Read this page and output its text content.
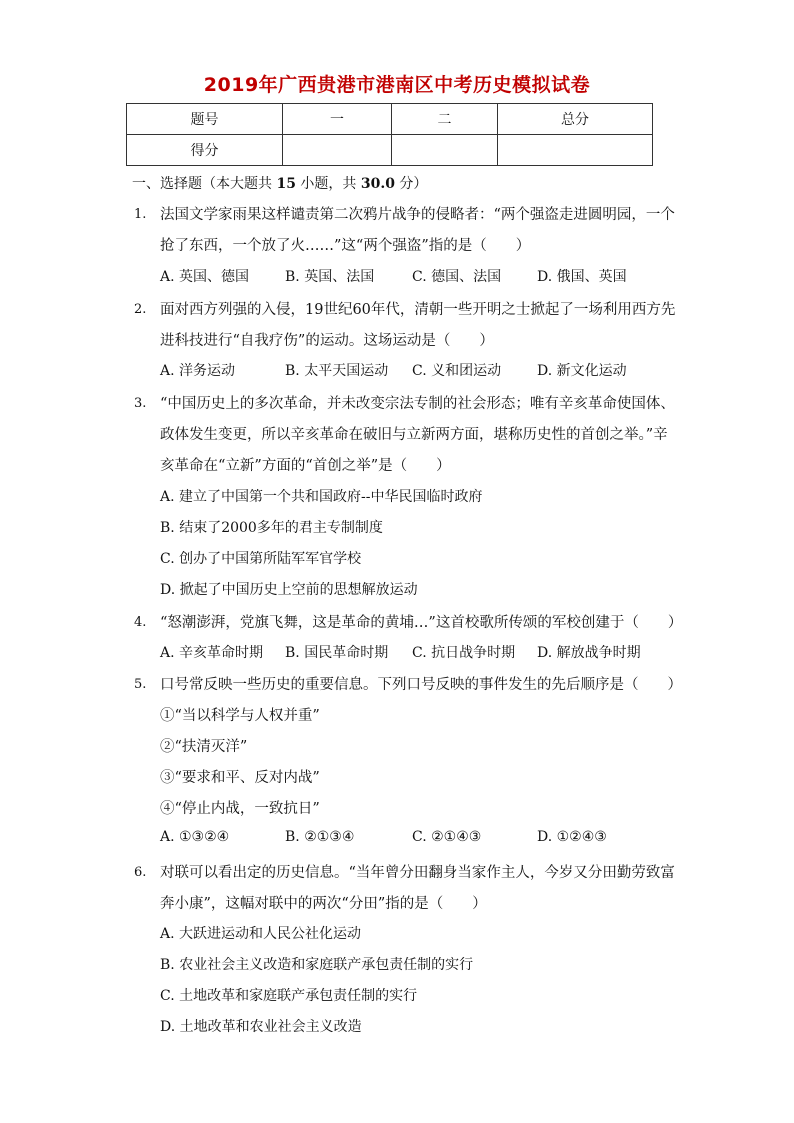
2019年广西贵港市港南区中考历史模拟试卷
题号	一	二	总分
得分			
一、选择题（本大题共 15 小题，共 30.0 分）
1. 法国文学家雨果这样谴责第二次鸦片战争的侵略者：“两个强盗走进圆明园，一个
抢了东西，一个放了火……”这“两个强盗”指的是（　　）
A. 英国、德国	B. 英国、法国	C. 德国、法国	D. 俄国、英国
2. 面对西方列强的入侵，19世纪60年代，清朝一些开明之士掀起了一场利用西方先
进科技进行“自我疗伤”的运动。这场运动是（　　）
A. 洋务运动	B. 太平天国运动 C. 义和团运动	D. 新文化运动
3. “中国历史上的多次革命，并未改变宗法专制的社会形态；唯有辛亥革命使国体、
政体发生变更，所以辛亥革命在破旧与立新两方面，堪称历史性的首创之举。”辛
亥革命在“立新”方面的“首创之举”是（　　）
A. 建立了中国第一个共和国政府--中华民国临时政府
B. 结束了2000多年的君主专制制度
C. 创办了中国第所陆军军官学校
D. 掀起了中国历史上空前的思想解放运动
4. “怒潮澎湃，党旗飞舞，这是革命的黄埔…”这首校歌所传颂的军校创建于（　　）
A. 辛亥革命时期 B. 国民革命时期 C. 抗日战争时期 D. 解放战争时期
5. 口号常反映一些历史的重要信息。下列口号反映的事件发生的先后顺序是（　　）
①“当以科学与人权并重”
②“扶清灭洋”
③“要求和平、反对内战”
④“停止内战，一致抗日”
A. ①③②④	B. ②①③④	C. ②①④③	D. ①②④③
6. 对联可以看出定的历史信息。“当年曾分田翻身当家作主人，今岁又分田勤劳致富
奔小康”，这幅对联中的两次“分田”指的是（　　）
A. 大跃进运动和人民公社化运动
B. 农业社会主义改造和家庭联产承包责任制的实行
C. 土地改革和家庭联产承包责任制的实行
D. 土地改革和农业社会主义改造
